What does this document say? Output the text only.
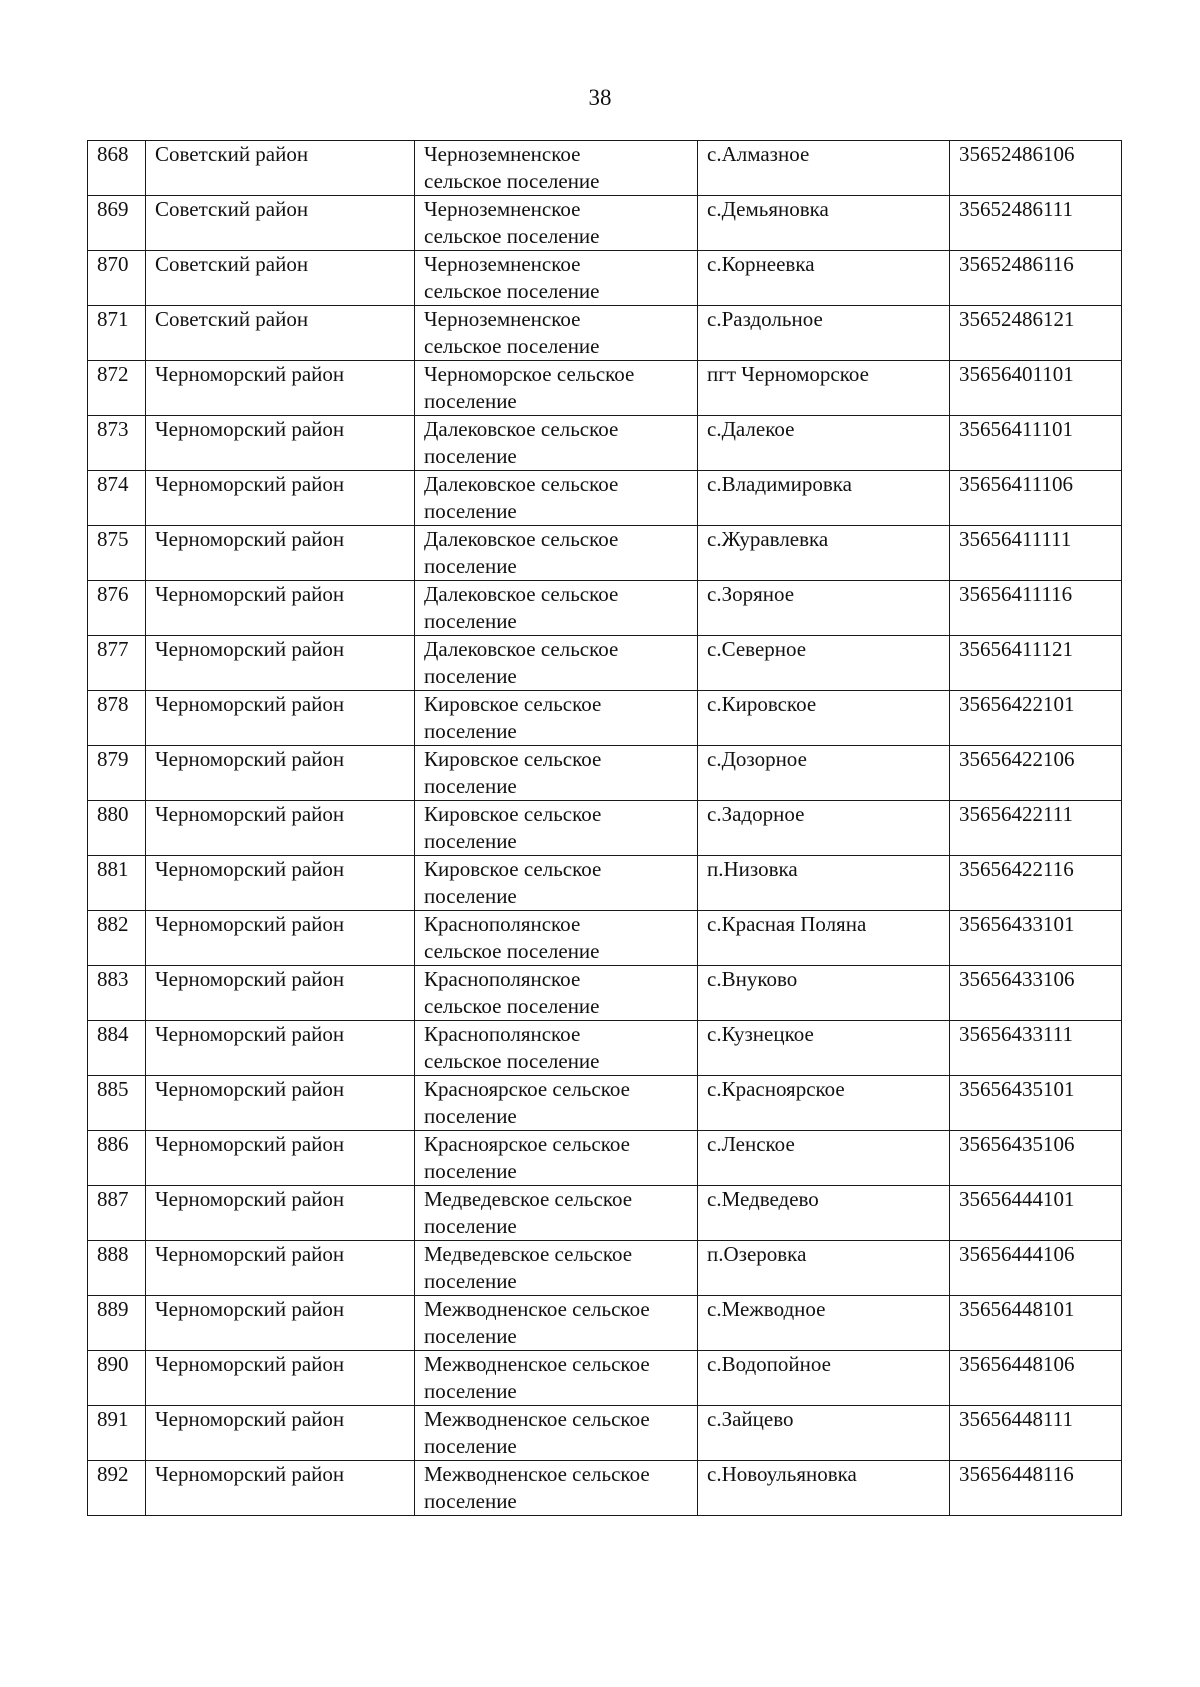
38
868	Советский район	Черноземненское
сельское поселение	с.Алмазное	35652486106
869	Советский район	Черноземненское
сельское поселение	с.Демьяновка	35652486111
870	Советский район	Черноземненское
сельское поселение	с.Корнеевка	35652486116
871	Советский район	Черноземненское
сельское поселение	с.Раздольное	35652486121
872	Черноморский район	Черноморское сельское
поселение	пгт Черноморское	35656401101
873	Черноморский район	Далековское сельское
поселение	с.Далекое	35656411101
874	Черноморский район	Далековское сельское
поселение	с.Владимировка	35656411106
875	Черноморский район	Далековское сельское
поселение	с.Журавлевка	35656411111
876	Черноморский район	Далековское сельское
поселение	с.Зоряное	35656411116
877	Черноморский район	Далековское сельское
поселение	с.Северное	35656411121
878	Черноморский район	Кировское сельское
поселение	с.Кировское	35656422101
879	Черноморский район	Кировское сельское
поселение	с.Дозорное	35656422106
880	Черноморский район	Кировское сельское
поселение	с.Задорное	35656422111
881	Черноморский район	Кировское сельское
поселение	п.Низовка	35656422116
882	Черноморский район	Краснополянское
сельское поселение	с.Красная Поляна	35656433101
883	Черноморский район	Краснополянское
сельское поселение	с.Внуково	35656433106
884	Черноморский район	Краснополянское
сельское поселение	с.Кузнецкое	35656433111
885	Черноморский район	Красноярское сельское
поселение	с.Красноярское	35656435101
886	Черноморский район	Красноярское сельское
поселение	с.Ленское	35656435106
887	Черноморский район	Медведевское сельское
поселение	с.Медведево	35656444101
888	Черноморский район	Медведевское сельское
поселение	п.Озеровка	35656444106
889	Черноморский район	Межводненское сельское
поселение	с.Межводное	35656448101
890	Черноморский район	Межводненское сельское
поселение	с.Водопойное	35656448106
891	Черноморский район	Межводненское сельское
поселение	с.Зайцево	35656448111
892	Черноморский район	Межводненское сельское
поселение	с.Новоульяновка	35656448116
